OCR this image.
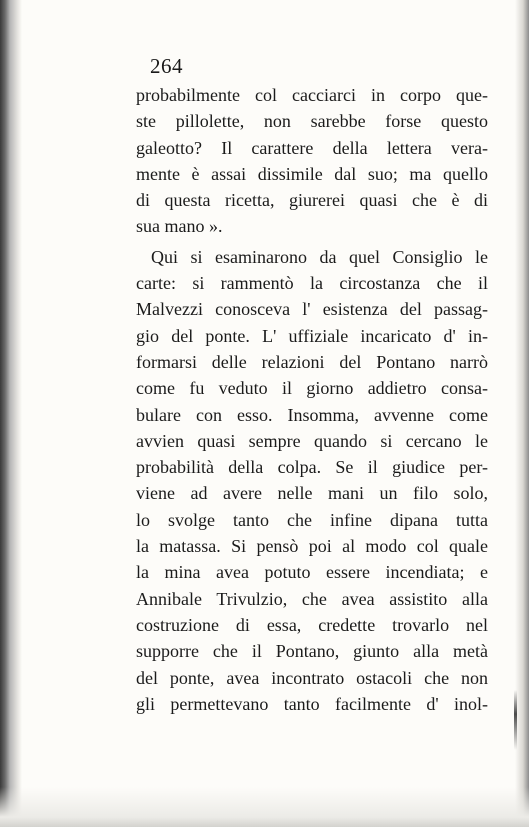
264
probabilmente col cacciarci in corpo que-
ste pillolette, non sarebbe forse questo
galeotto? Il carattere della lettera vera-
mente è assai dissimile dal suo; ma quello
di questa ricetta, giurerei quasi che è di
sua mano ».
Qui si esaminarono da quel Consiglio le
carte: si rammentò la circostanza che il
Malvezzi conosceva l' esistenza del passag-
gio del ponte. L' uffiziale incaricato d' in-
formarsi delle relazioni del Pontano narrò
come fu veduto il giorno addietro consa-
bulare con esso. Insomma, avvenne come
avvien quasi sempre quando si cercano le
probabilità della colpa. Se il giudice per-
viene ad avere nelle mani un filo solo,
lo svolge tanto che infine dipana tutta
la matassa. Si pensò poi al modo col quale
la mina avea potuto essere incendiata; e
Annibale Trivulzio, che avea assistito alla
costruzione di essa, credette trovarlo nel
supporre che il Pontano, giunto alla metà
del ponte, avea incontrato ostacoli che non
gli permettevano tanto facilmente d' inol-
